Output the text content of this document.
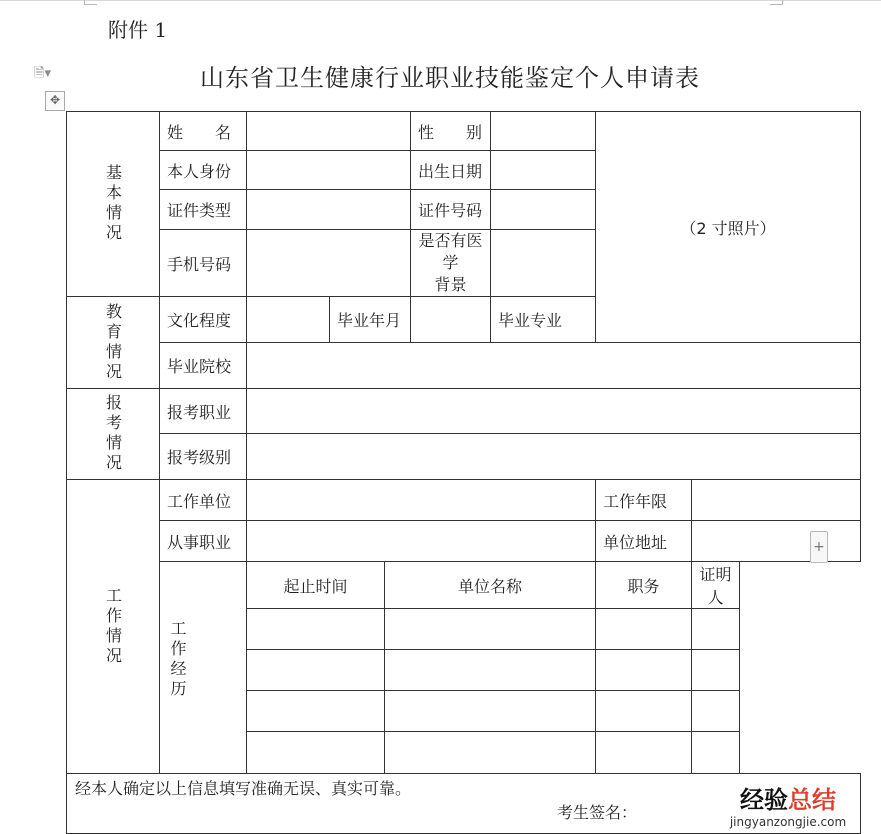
附件 1
🗎▾
✥
山东省卫生健康行业职业技能鉴定个人申请表
基本情况	姓　　名				性　　别		（2 寸照片）	
	本人身份				出生日期			
	证件类型				证件号码			
	手机号码				是否有医学
背景			

教育情况	文化程度		毕业年月			毕业专业		
	毕业院校							
报考情况	报考职业							
	报考级别							
工作情况	工作单位						工作年限	
	从事职业						单位地址	

	工作经历	起止时间		单位名称			职务	证明人

经本人确定以上信息填写准确无误、真实可靠。
考生签名：								
+
经验总结
jingyanzongjie.com
